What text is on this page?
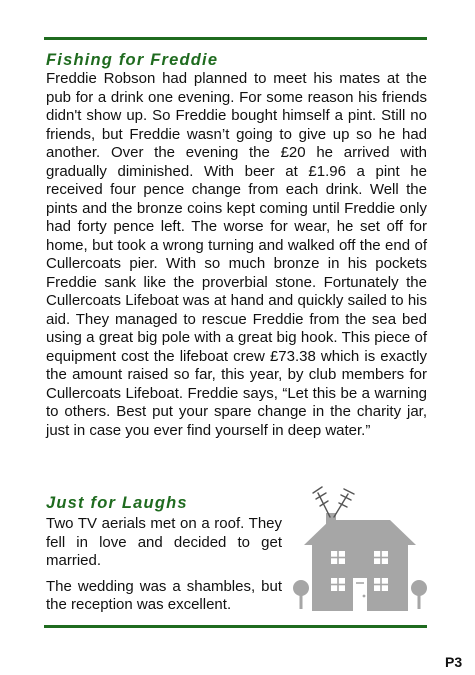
Fishing for Freddie

Freddie Robson had planned to meet his mates at the pub for a drink one evening. For some reason his friends didn't show up. So Freddie bought himself a pint. Still no friends, but Freddie wasn’t going to give up so he had another. Over the evening the £20 he arrived with gradually diminished. With beer at £1.96 a pint he received four pence change from each drink. Well the pints and the bronze coins kept coming until Freddie only had forty pence left. The worse for wear, he set off for home, but took a wrong turning and walked off the end of Cullercoats pier. With so much bronze in his pockets Freddie sank like the proverbial stone. Fortunately the Cullercoats Lifeboat was at hand and quickly sailed to his aid. They managed to rescue Freddie from the sea bed using a great big pole with a great big hook. This piece of equipment cost the lifeboat crew £73.38 which is exactly the amount raised so far, this year, by club members for Cullercoats Lifeboat. Freddie says, “Let this be a warning to others. Best put your spare change in the charity jar, just in case you ever find yourself in deep water.”

Just for Laughs

Two TV aerials met on a roof. They fell in love and decided to get married.

The wedding was a shambles, but the reception was excellent.

P3
